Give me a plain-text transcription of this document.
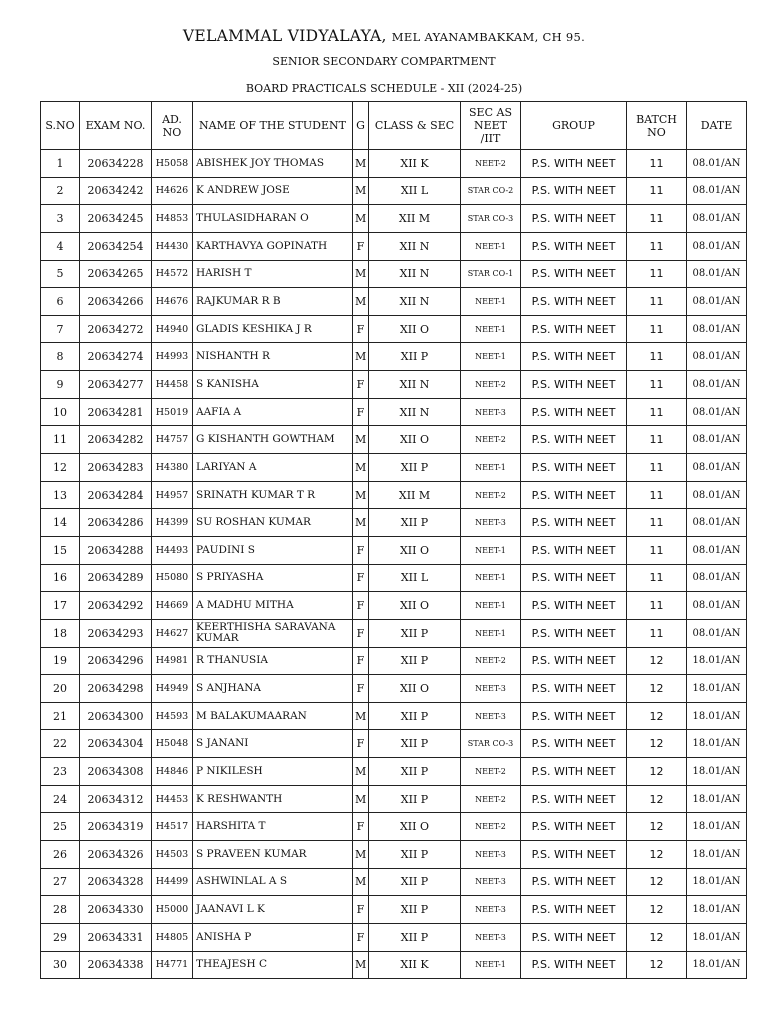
VELAMMAL VIDYALAYA, MEL AYANAMBAKKAM, CH 95.
SENIOR SECONDARY COMPARTMENT
BOARD PRACTICALS SCHEDULE - XII (2024-25)
S.NO	EXAM NO.	AD. NO	NAME OF THE STUDENT	G	CLASS & SEC	SEC AS NEET /IIT	GROUP	BATCH NO	DATE
1	20634228	H5058	ABISHEK JOY THOMAS	M	XII K	NEET-2	P.S. WITH NEET	11	08.01/AN
2	20634242	H4626	K ANDREW JOSE	M	XII L	STAR CO-2	P.S. WITH NEET	11	08.01/AN
3	20634245	H4853	THULASIDHARAN O	M	XII M	STAR CO-3	P.S. WITH NEET	11	08.01/AN
4	20634254	H4430	KARTHAVYA GOPINATH	F	XII N	NEET-1	P.S. WITH NEET	11	08.01/AN
5	20634265	H4572	HARISH T	M	XII N	STAR CO-1	P.S. WITH NEET	11	08.01/AN
6	20634266	H4676	RAJKUMAR R B	M	XII N	NEET-1	P.S. WITH NEET	11	08.01/AN
7	20634272	H4940	GLADIS KESHIKA J R	F	XII O	NEET-1	P.S. WITH NEET	11	08.01/AN
8	20634274	H4993	NISHANTH R	M	XII P	NEET-1	P.S. WITH NEET	11	08.01/AN
9	20634277	H4458	S KANISHA	F	XII N	NEET-2	P.S. WITH NEET	11	08.01/AN
10	20634281	H5019	AAFIA A	F	XII N	NEET-3	P.S. WITH NEET	11	08.01/AN
11	20634282	H4757	G KISHANTH GOWTHAM	M	XII O	NEET-2	P.S. WITH NEET	11	08.01/AN
12	20634283	H4380	LARIYAN A	M	XII P	NEET-1	P.S. WITH NEET	11	08.01/AN
13	20634284	H4957	SRINATH KUMAR T R	M	XII M	NEET-2	P.S. WITH NEET	11	08.01/AN
14	20634286	H4399	SU ROSHAN KUMAR	M	XII P	NEET-3	P.S. WITH NEET	11	08.01/AN
15	20634288	H4493	PAUDINI S	F	XII O	NEET-1	P.S. WITH NEET	11	08.01/AN
16	20634289	H5080	S PRIYASHA	F	XII L	NEET-1	P.S. WITH NEET	11	08.01/AN
17	20634292	H4669	A MADHU MITHA	F	XII O	NEET-1	P.S. WITH NEET	11	08.01/AN
18	20634293	H4627	KEERTHISHA SARAVANA KUMAR	F	XII P	NEET-1	P.S. WITH NEET	11	08.01/AN
19	20634296	H4981	R THANUSIA	F	XII P	NEET-2	P.S. WITH NEET	12	18.01/AN
20	20634298	H4949	S ANJHANA	F	XII O	NEET-3	P.S. WITH NEET	12	18.01/AN
21	20634300	H4593	M BALAKUMAARAN	M	XII P	NEET-3	P.S. WITH NEET	12	18.01/AN
22	20634304	H5048	S JANANI	F	XII P	STAR CO-3	P.S. WITH NEET	12	18.01/AN
23	20634308	H4846	P NIKILESH	M	XII P	NEET-2	P.S. WITH NEET	12	18.01/AN
24	20634312	H4453	K RESHWANTH	M	XII P	NEET-2	P.S. WITH NEET	12	18.01/AN
25	20634319	H4517	HARSHITA T	F	XII O	NEET-2	P.S. WITH NEET	12	18.01/AN
26	20634326	H4503	S PRAVEEN KUMAR	M	XII P	NEET-3	P.S. WITH NEET	12	18.01/AN
27	20634328	H4499	ASHWINLAL A S	M	XII P	NEET-3	P.S. WITH NEET	12	18.01/AN
28	20634330	H5000	JAANAVI L K	F	XII P	NEET-3	P.S. WITH NEET	12	18.01/AN
29	20634331	H4805	ANISHA P	F	XII P	NEET-3	P.S. WITH NEET	12	18.01/AN
30	20634338	H4771	THEAJESH C	M	XII K	NEET-1	P.S. WITH NEET	12	18.01/AN
